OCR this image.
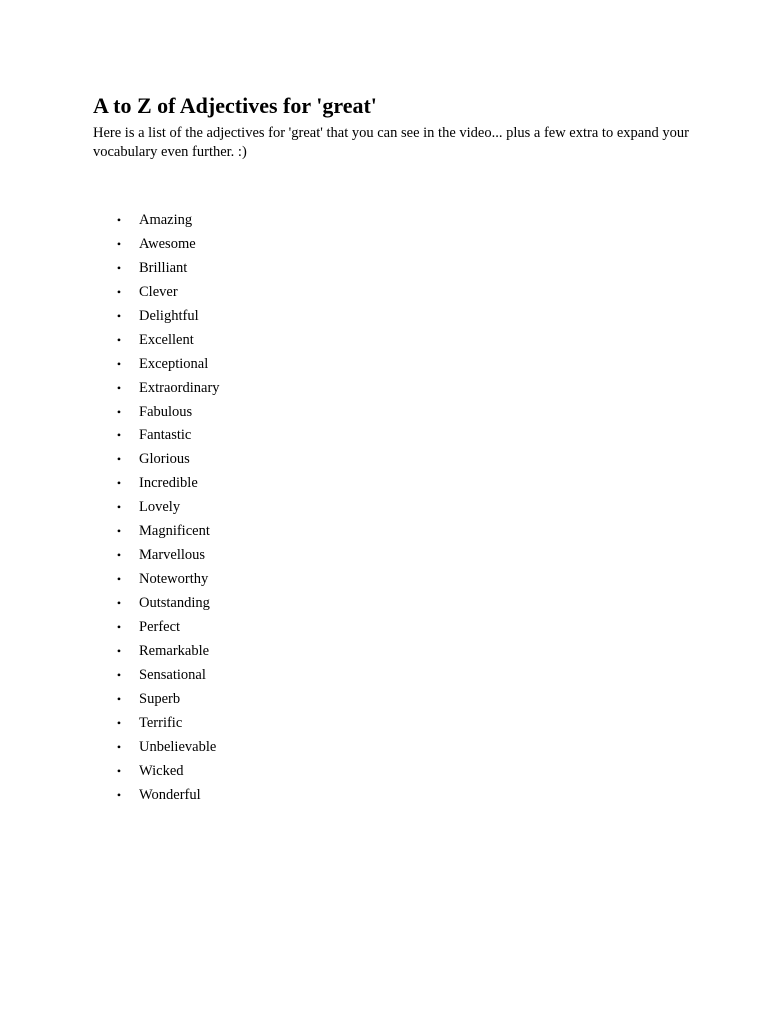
A to Z of Adjectives for 'great'

Here is a list of the adjectives for 'great' that you can see in the video... plus a few extra to expand your vocabulary even further. :)

• Amazing
• Awesome
• Brilliant
• Clever
• Delightful
• Excellent
• Exceptional
• Extraordinary
• Fabulous
• Fantastic
• Glorious
• Incredible
• Lovely
• Magnificent
• Marvellous
• Noteworthy
• Outstanding
• Perfect
• Remarkable
• Sensational
• Superb
• Terrific
• Unbelievable
• Wicked
• Wonderful
